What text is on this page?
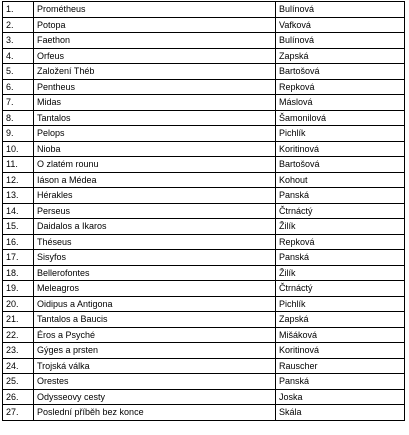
1.	Prométheus	Bulínová
2.	Potopa	Vafková
3.	Faethon	Bulínová
4.	Orfeus	Zapská
5.	Založení Théb	Bartošová
6.	Pentheus	Repková
7.	Midas	Máslová
8.	Tantalos	Šamonilová
9.	Pelops	Pichlík
10.	Nioba	Koritinová
11.	O zlatém rounu	Bartošová
12.	Iáson a Médea	Kohout
13.	Hérakles	Panská
14.	Perseus	Čtrnáctý
15.	Daidalos a Ikaros	Žilík
16.	Théseus	Repková
17.	Sisyfos	Panská
18.	Bellerofontes	Žilík
19.	Meleagros	Čtrnáctý
20.	Oidipus a Antigona	Pichlík
21.	Tantalos a Baucis	Zapská
22.	Éros a Psyché	Mišáková
23.	Gýges a prsten	Koritinová
24.	Trojská válka	Rauscher
25.	Orestes	Panská
26.	Odysseovy cesty	Joska
27.	Poslední příběh bez konce	Skála
